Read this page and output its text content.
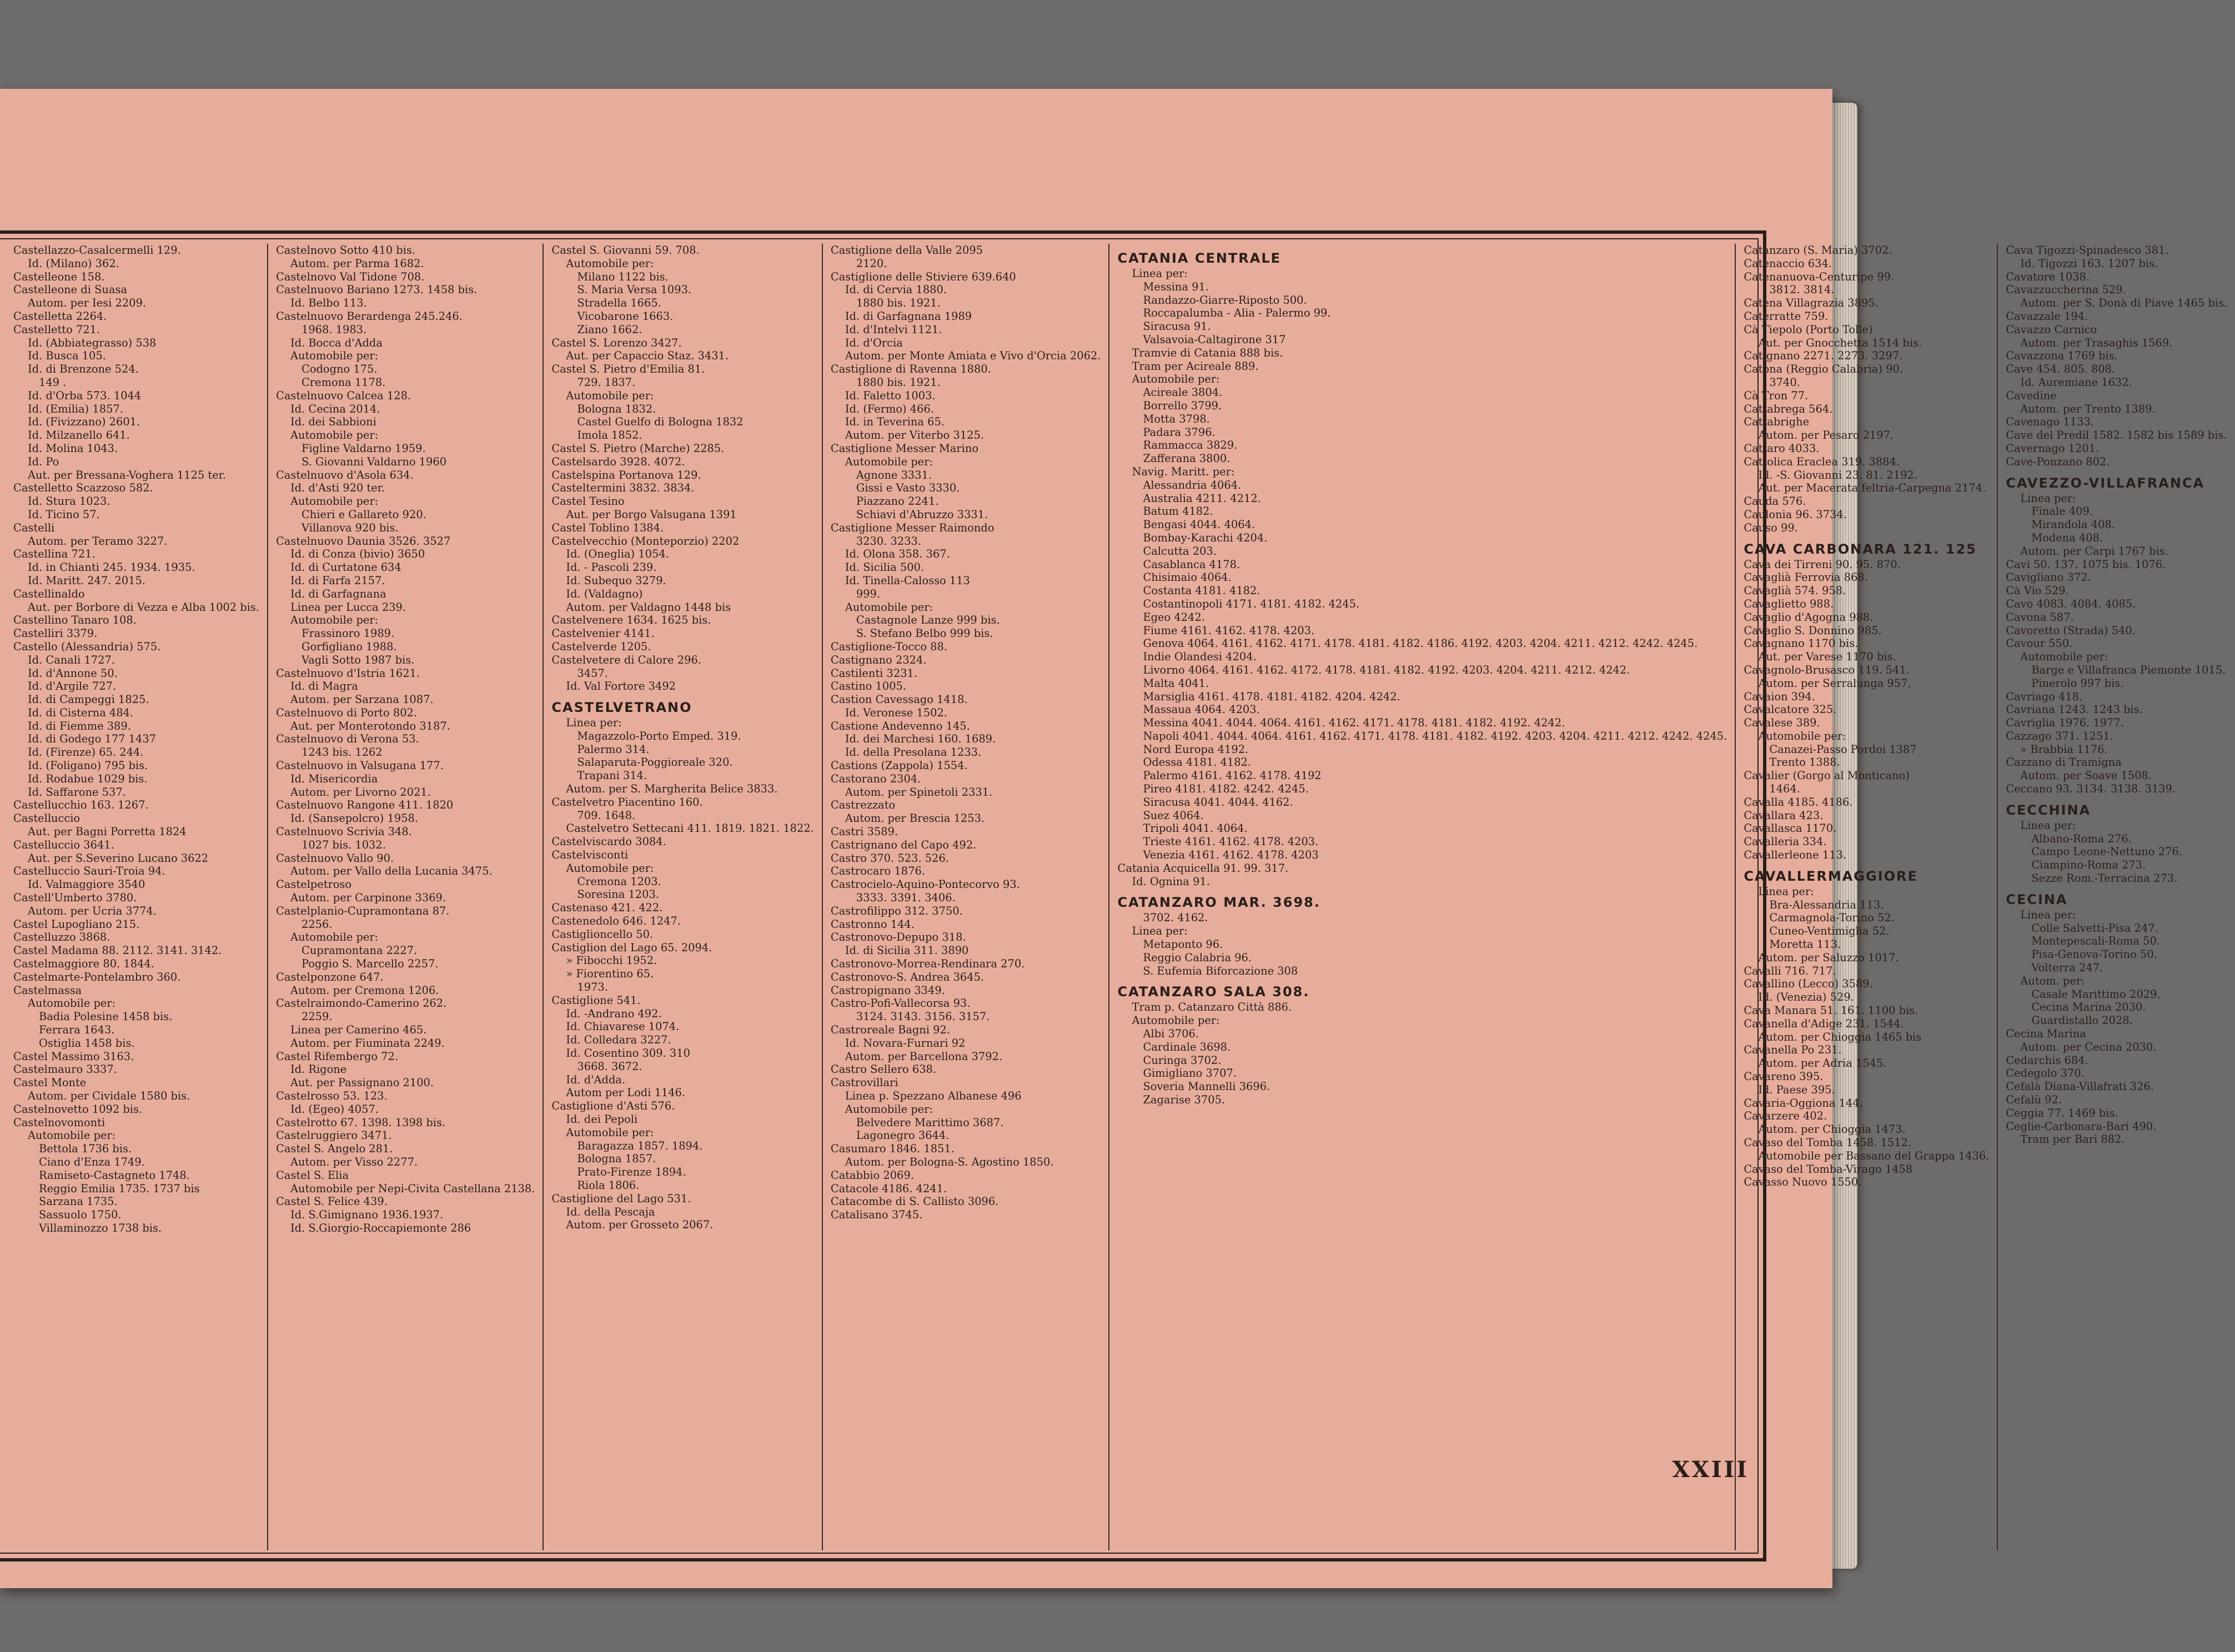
Castellazzo-Casalcermelli 129.
Id. (Milano) 362.
Castelleone 158.
Castelleone di Suasa
Autom. per Iesi 2209.
Castelletta 2264.
Castelletto 721.
Id. (Abbiategrasso) 538
Id. Busca 105.
Id. di Brenzone 524.
149 .
Id. d'Orba 573. 1044
Id. (Emilia) 1857.
Id. (Fivizzano) 2601.
Id. Milzanello 641.
Id. Molina 1043.
Id. Po
Aut. per Bressana-Voghera 1125 ter.
Castelletto Scazzoso 582.
Id. Stura 1023.
Id. Ticino 57.
Castelli
Autom. per Teramo 3227.
Castellina 721.
Id. in Chianti 245. 1934. 1935.
Id. Maritt. 247. 2015.
Castellinaldo
Aut. per Borbore di Vezza e Alba 1002 bis.
Castellino Tanaro 108.
Castelliri 3379.
Castello (Alessandria) 575.
Id. Canali 1727.
Id. d'Annone 50.
Id. d'Argile 727.
Id. di Campeggi 1825.
Id. di Cisterna 484.
Id. di Fiemme 389.
Id. di Godego 177 1437
Id. (Firenze) 65. 244.
Id. (Foligano) 795 bis.
Id. Rodabue 1029 bis.
Id. Saffarone 537.
Castellucchio 163. 1267.
Castelluccio
Aut. per Bagni Porretta 1824
Castelluccio 3641.
Aut. per S.Severino Lucano 3622
Castelluccio Sauri-Troia 94.
Id. Valmaggiore 3540
Castell'Umberto 3780.
Autom. per Ucria 3774.
Castel Lupogliano 215.
Castelluzzo 3868.
Castel Madama 88. 2112. 3141. 3142.
Castelmaggiore 80. 1844.
Castelmarte-Pontelambro 360.
Castelmassa
Automobile per:
Badia Polesine 1458 bis.
Ferrara 1643.
Ostiglia 1458 bis.
Castel Massimo 3163.
Castelmauro 3337.
Castel Monte
Autom. per Cividale 1580 bis.
Castelnovetto 1092 bis.
Castelnovomonti
Automobile per:
Bettola 1736 bis.
Ciano d'Enza 1749.
Ramiseto-Castagneto 1748.
Reggio Emilia 1735. 1737 bis
Sarzana 1735.
Sassuolo 1750.
Villaminozzo 1738 bis.
Castelnovo Sotto 410 bis.
Autom. per Parma 1682.
Castelnovo Val Tidone 708.
Castelnuovo Bariano 1273. 1458 bis.
Id. Belbo 113.
Castelnuovo Berardenga 245.246.
1968. 1983.
Id. Bocca d'Adda
Automobile per:
Codogno 175.
Cremona 1178.
Castelnuovo Calcea 128.
Id. Cecina 2014.
Id. dei Sabbioni
Automobile per:
Figline Valdarno 1959.
S. Giovanni Valdarno 1960
Castelnuovo d'Asola 634.
Id. d'Asti 920 ter.
Automobile per:
Chieri e Gallareto 920.
Villanova 920 bis.
Castelnuovo Daunia 3526. 3527
Id. di Conza (bivio) 3650
Id. di Curtatone 634
Id. di Farfa 2157.
Id. di Garfagnana
Linea per Lucca 239.
Automobile per:
Frassinoro 1989.
Gorfigliano 1988.
Vagli Sotto 1987 bis.
Castelnuovo d'Istria 1621.
Id. di Magra
Autom. per Sarzana 1087.
Castelnuovo di Porto 802.
Aut. per Monterotondo 3187.
Castelnuovo di Verona 53.
1243 bis. 1262
Castelnuovo in Valsugana 177.
Id. Misericordia
Autom. per Livorno 2021.
Castelnuovo Rangone 411. 1820
Id. (Sansepolcro) 1958.
Castelnuovo Scrivia 348.
1027 bis. 1032.
Castelnuovo Vallo 90.
Autom. per Vallo della Lucania 3475.
Castelpetroso
Autom. per Carpinone 3369.
Castelplanio-Cupramontana 87.
2256.
Automobile per:
Cupramontana 2227.
Poggio S. Marcello 2257.
Castelponzone 647.
Autom. per Cremona 1206.
Castelraimondo-Camerino 262.
2259.
Linea per Camerino 465.
Autom. per Fiuminata 2249.
Castel Rifembergo 72.
Id. Rigone
Aut. per Passignano 2100.
Castelrosso 53. 123.
Id. (Egeo) 4057.
Castelrotto 67. 1398. 1398 bis.
Castelruggiero 3471.
Castel S. Angelo 281.
Autom. per Visso 2277.
Castel S. Elia
Automobile per Nepi-Civita Castellana 2138.
Castel S. Felice 439.
Id. S.Gimignano 1936.1937.
Id. S.Giorgio-Roccapiemonte 286
Castel S. Giovanni 59. 708.
Automobile per:
Milano 1122 bis.
S. Maria Versa 1093.
Stradella 1665.
Vicobarone 1663.
Ziano 1662.
Castel S. Lorenzo 3427.
Aut. per Capaccio Staz. 3431.
Castel S. Pietro d'Emilia 81.
729. 1837.
Automobile per:
Bologna 1832.
Castel Guelfo di Bologna 1832
Imola 1852.
Castel S. Pietro (Marche) 2285.
Castelsardo 3928. 4072.
Castelspina Portanova 129.
Casteltermini 3832. 3834.
Castel Tesino
Aut. per Borgo Valsugana 1391
Castel Toblino 1384.
Castelvecchio (Monteporzio) 2202
Id. (Oneglia) 1054.
Id. - Pascoli 239.
Id. Subequo 3279.
Id. (Valdagno)
Autom. per Valdagno 1448 bis
Castelvenere 1634. 1625 bis.
Castelvenier 4141.
Castelverde 1205.
Castelvetere di Calore 296.
3457.
Id. Val Fortore 3492
CASTELVETRANO
Linea per:
Magazzolo-Porto Emped. 319.
Palermo 314.
Salaparuta-Poggioreale 320.
Trapani 314.
Autom. per S. Margherita Belice 3833.
Castelvetro Piacentino 160.
709. 1648.
Castelvetro Settecani 411. 1819. 1821. 1822.
Castelviscardo 3084.
Castelvisconti
Automobile per:
Cremona 1203.
Soresina 1203.
Castenaso 421. 422.
Castenedolo 646. 1247.
Castiglioncello 50.
Castiglion del Lago 65. 2094.
» Fibocchi 1952.
» Fiorentino 65.
1973.
Castiglione 541.
Id. -Andrano 492.
Id. Chiavarese 1074.
Id. Colledara 3227.
Id. Cosentino 309. 310
3668. 3672.
Id. d'Adda.
Autom per Lodi 1146.
Castiglione d'Asti 576.
Id. dei Pepoli
Automobile per:
Baragazza 1857. 1894.
Bologna 1857.
Prato-Firenze 1894.
Riola 1806.
Castiglione del Lago 531.
Id. della Pescaja
Autom. per Grosseto 2067.
Castiglione della Valle 2095
2120.
Castiglione delle Stiviere 639.640
Id. di Cervia 1880.
1880 bis. 1921.
Id. di Garfagnana 1989
Id. d'Intelvi 1121.
Id. d'Orcia
Autom. per Monte Amiata e Vivo d'Orcia 2062.
Castiglione di Ravenna 1880.
1880 bis. 1921.
Id. Faletto 1003.
Id. (Fermo) 466.
Id. in Teverina 65.
Autom. per Viterbo 3125.
Castiglione Messer Marino
Automobile per:
Agnone 3331.
Gissi e Vasto 3330.
Piazzano 2241.
Schiavi d'Abruzzo 3331.
Castiglione Messer Raimondo
3230. 3233.
Id. Olona 358. 367.
Id. Sicilia 500.
Id. Tinella-Calosso 113
999.
Automobile per:
Castagnole Lanze 999 bis.
S. Stefano Belbo 999 bis.
Castiglione-Tocco 88.
Castignano 2324.
Castilenti 3231.
Castino 1005.
Castion Cavessago 1418.
Id. Veronese 1502.
Castione Andevenno 145.
Id. dei Marchesi 160. 1689.
Id. della Presolana 1233.
Castions (Zappola) 1554.
Castorano 2304.
Autom. per Spinetoli 2331.
Castrezzato
Autom. per Brescia 1253.
Castri 3589.
Castrignano del Capo 492.
Castro 370. 523. 526.
Castrocaro 1876.
Castrocielo-Aquino-Pontecorvo 93.
3333. 3391. 3406.
Castrofilippo 312. 3750.
Castronno 144.
Castronovo-Depupo 318.
Id. di Sicilia 311. 3890
Castronovo-Morrea-Rendinara 270.
Castronovo-S. Andrea 3645.
Castropignano 3349.
Castro-Pofi-Vallecorsa 93.
3124. 3143. 3156. 3157.
Castroreale Bagni 92.
Id. Novara-Furnari 92
Autom. per Barcellona 3792.
Castro Sellero 638.
Castrovillari
Linea p. Spezzano Albanese 496
Automobile per:
Belvedere Marittimo 3687.
Lagonegro 3644.
Casumaro 1846. 1851.
Autom. per Bologna-S. Agostino 1850.
Catabbio 2069.
Catacole 4186. 4241.
Catacombe di S. Callisto 3096.
Catalisano 3745.
CATANIA CENTRALE
Linea per:
Messina 91.
Randazzo-Giarre-Riposto 500.
Roccapalumba - Alia - Palermo 99.
Siracusa 91.
Valsavoia-Caltagirone 317
Tramvie di Catania 888 bis.
Tram per Acireale 889.
Automobile per:
Acireale 3804.
Borrello 3799.
Motta 3798.
Padara 3796.
Rammacca 3829.
Zafferana 3800.
Navig. Maritt. per:
Alessandria 4064.
Australia 4211. 4212.
Batum 4182.
Bengasi 4044. 4064.
Bombay-Karachi 4204.
Calcutta 203.
Casablanca 4178.
Chisimaio 4064.
Costanta 4181. 4182.
Costantinopoli 4171. 4181. 4182. 4245.
Egeo 4242.
Fiume 4161. 4162. 4178. 4203.
Genova 4064. 4161. 4162. 4171. 4178. 4181. 4182. 4186. 4192. 4203. 4204. 4211. 4212. 4242. 4245.
Indie Olandesi 4204.
Livorno 4064. 4161. 4162. 4172. 4178. 4181. 4182. 4192. 4203. 4204. 4211. 4212. 4242.
Malta 4041.
Marsiglia 4161. 4178. 4181. 4182. 4204. 4242.
Massaua 4064. 4203.
Messina 4041. 4044. 4064. 4161. 4162. 4171. 4178. 4181. 4182. 4192. 4242.
Napoli 4041. 4044. 4064. 4161. 4162. 4171. 4178. 4181. 4182. 4192. 4203. 4204. 4211. 4212. 4242. 4245.
Nord Europa 4192.
Odessa 4181. 4182.
Palermo 4161. 4162. 4178. 4192
Pireo 4181. 4182. 4242. 4245.
Siracusa 4041. 4044. 4162.
Suez 4064.
Tripoli 4041. 4064.
Trieste 4161. 4162. 4178. 4203.
Venezia 4161. 4162. 4178. 4203
Catania Acquicella 91. 99. 317.
Id. Ognina 91.
CATANZARO MAR. 3698.
3702. 4162.
Linea per:
Metaponto 96.
Reggio Calabria 96.
S. Eufemia Biforcazione 308
CATANZARO SALA 308.
Tram p. Catanzaro Città 886.
Automobile per:
Albi 3706.
Cardinale 3698.
Curinga 3702.
Gimigliano 3707.
Soveria Mannelli 3696.
Zagarise 3705.
Catanzaro (S. Maria) 3702.
Catenaccio 634.
Catenanuova-Centuripe 99.
3812. 3814.
Catena Villagrazia 3895.
Caterratte 759.
Cà Tiepolo (Porto Tolle)
Aut. per Gnocchetta 1514 bis.
Catignano 2271. 2273. 3297.
Catona (Reggio Calabria) 90.
3740.
Cà Tron 77.
Cattabrega 564.
Cattabrighe
Autom. per Pesaro 2197.
Cattaro 4033.
Cattolica Eraclea 319. 3884.
Id. -S. Giovanni 23. 81. 2192.
Aut. per Macerata feltria-Carpegna 2174.
Cauda 576.
Caulonia 96. 3734.
Causo 99.
CAVA CARBONARA 121. 125
Cava dei Tirreni 90. 95. 870.
Cavaglià Ferrovia 868.
Cavaglià 574. 958.
Cavaglietto 988.
Cavaglio d'Agogna 988.
Cavaglio S. Donnino 985.
Cavagnano 1170 bis.
Aut. per Varese 1170 bis.
Cavagnolo-Brusasco 119. 541.
Autom. per Serralunga 957.
Cavaion 394.
Cavalcatore 325.
Cavalese 389.
Automobile per:
Canazei-Passo Pordoi 1387
Trento 1388.
Cavalier (Gorgo al Monticano)
1464.
Cavalla 4185. 4186.
Cavallara 423.
Cavallasca 1170.
Cavalleria 334.
Cavallerleone 113.
CAVALLERMAGGIORE
Linea per:
Bra-Alessandria 113.
Carmagnola-Torino 52.
Cuneo-Ventimiglia 52.
Moretta 113.
Autom. per Saluzzo 1017.
Cavalli 716. 717.
Cavallino (Lecco) 3589.
Id. (Venezia) 529.
Cava Manara 51. 161. 1100 bis.
Cavanella d'Adige 231. 1544.
Autom. per Chioggia 1465 bis
Cavanella Po 231.
Autom. per Adria 1545.
Cavareno 395.
Id. Paese 395.
Cavaria-Oggiona 144.
Cavarzere 402.
Autom. per Chioggia 1473.
Cavaso del Tomba 1458. 1512.
Automobile per Bassano del Grappa 1436.
Cavaso del Tomba-Virago 1458
Cavasso Nuovo 1550.
Cava Tigozzi-Spinadesco 381.
Id. Tigozzi 163. 1207 bis.
Cavatore 1038.
Cavazzuccherina 529.
Autom. per S. Donà di Piave 1465 bis.
Cavazzale 194.
Cavazzo Carnico
Autom. per Trasaghis 1569.
Cavazzona 1769 bis.
Cave 454. 805. 808.
Id. Auremiane 1632.
Cavedine
Autom. per Trento 1389.
Cavenago 1133.
Cave del Predil 1582. 1582 bis 1589 bis.
Cavernago 1201.
Cave-Ponzano 802.
CAVEZZO-VILLAFRANCA
Linea per:
Finale 409.
Mirandola 408.
Modena 408.
Autom. per Carpi 1767 bis.
Cavi 50. 137. 1075 bis. 1076.
Cavigliano 372.
Cà Vio 529.
Cavo 4083. 4084. 4085.
Cavona 587.
Cavoretto (Strada) 540.
Cavour 550.
Automobile per:
Barge e Villafranca Piemonte 1015.
Pinerolo 997 bis.
Cavriago 418.
Cavriana 1243. 1243 bis.
Cavriglia 1976. 1977.
Cazzago 371. 1251.
» Brabbia 1176.
Cazzano di Tramigna
Autom. per Soave 1508.
Ceccano 93. 3134. 3138. 3139.
CECCHINA
Linea per:
Albano-Roma 276.
Campo Leone-Nettuno 276.
Ciampino-Roma 273.
Sezze Rom.-Terracina 273.
CECINA
Linea per:
Colle Salvetti-Pisa 247.
Montepescali-Roma 50.
Pisa-Genova-Torino 50.
Volterra 247.
Autom. per:
Casale Marittimo 2029.
Cecina Marina 2030.
Guardistallo 2028.
Cecina Marina
Autom. per Cecina 2030.
Cedarchis 684.
Cedegolo 370.
Cefalà Diana-Villafrati 326.
Cefalù 92.
Ceggia 77. 1469 bis.
Ceglie-Carbonara-Bari 490.
Tram per Bari 882.
XXIII
